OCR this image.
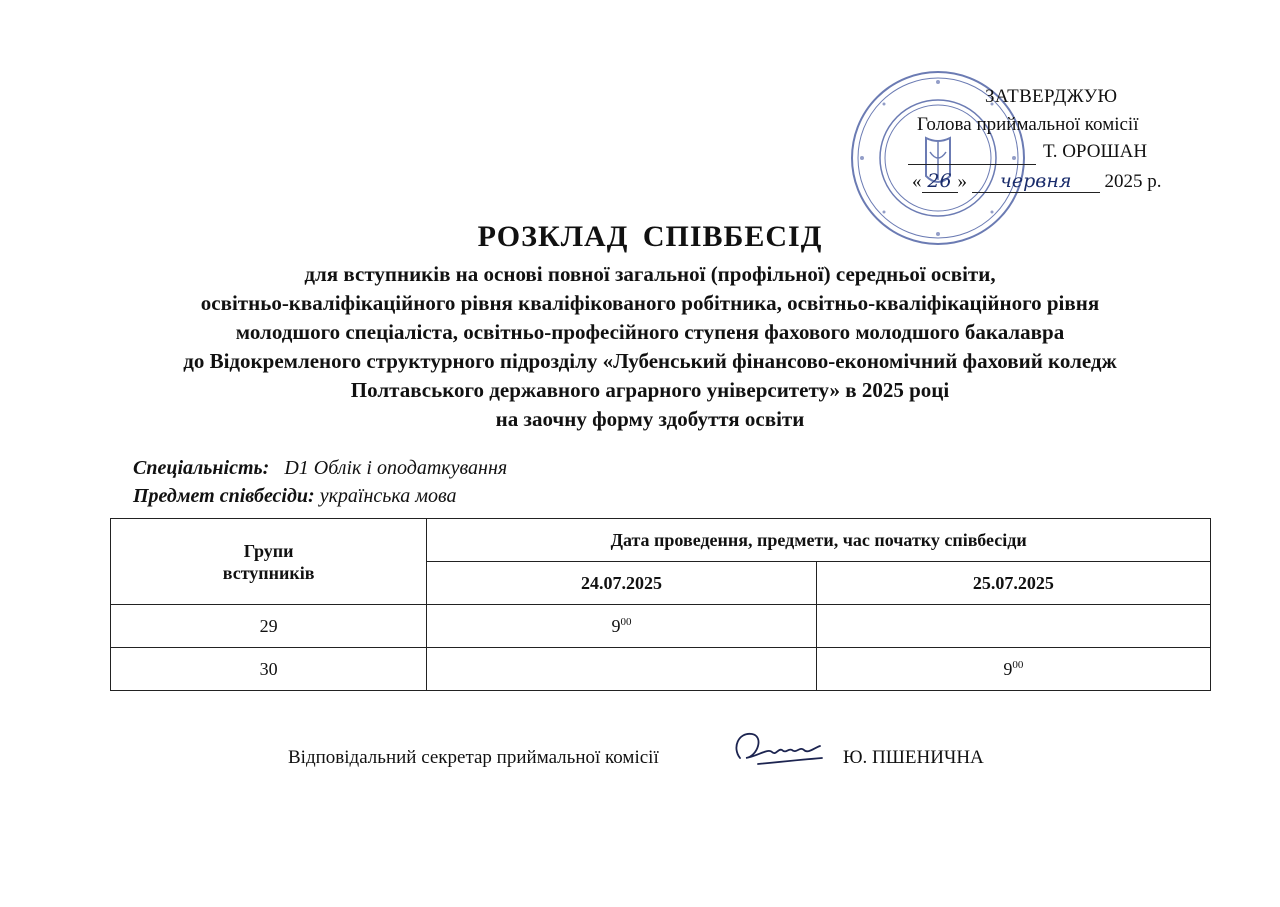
ЗАТВЕРДЖУЮ
Голова приймальної комісії
Т. ОРОШАН
« 26 » червня 2025 р.
РОЗКЛАД СПІВБЕСІД
для вступників на основі повної загальної (профільної) середньої освіти,
освітньо-кваліфікаційного рівня кваліфікованого робітника, освітньо-кваліфікаційного рівня
молодшого спеціаліста, освітньо-професійного ступеня фахового молодшого бакалавра
до Відокремленого структурного підрозділу «Лубенський фінансово-економічний фаховий коледж
Полтавського державного аграрного університету» в 2025 році
на заочну форму здобуття освіти
Спеціальність: D1 Облік і оподаткування
Предмет співбесіди: українська мова
Групи
вступників	Дата проведення, предмети, час початку співбесіди	
	24.07.2025	25.07.2025
29	$9^{00}$	
30		$9^{00}$
Відповідальний секретар приймальної комісії	Ю. ПШЕНИЧНА
